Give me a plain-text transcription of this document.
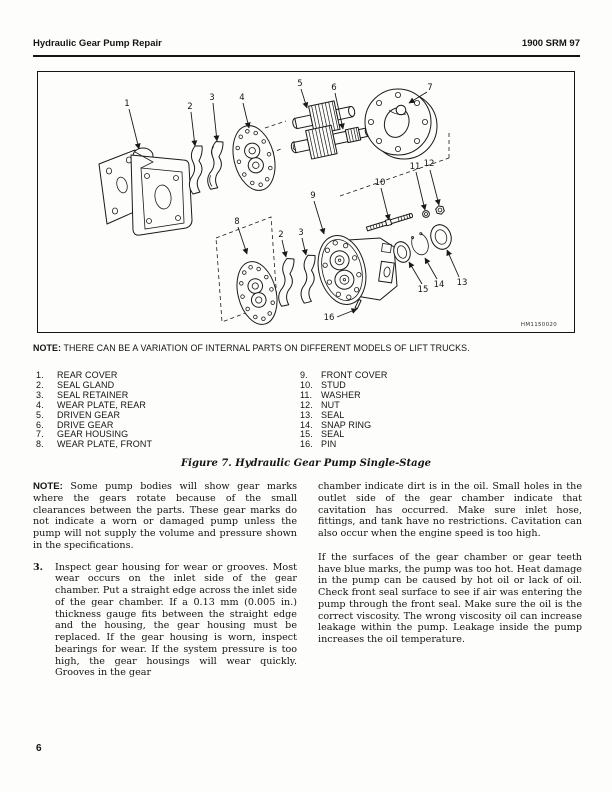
Hydraulic Gear Pump Repair	1900 SRM 97
1	2
3	4
5	6	7
8
9
10
11 12
13
14
15
16
2 3
HM1150020
NOTE: THERE CAN BE A VARIATION OF INTERNAL PARTS ON DIFFERENT MODELS OF LIFT TRUCKS.
1.	REAR COVER
2.	SEAL GLAND
3.	SEAL RETAINER
4.	WEAR PLATE, REAR
5.	DRIVEN GEAR
6.	DRIVE GEAR
7.	GEAR HOUSING
8.	WEAR PLATE, FRONT
9.	FRONT COVER
10. STUD
11. WASHER
12. NUT
13. SEAL
14. SNAP RING
15. SEAL
16. PIN
Figure 7. Hydraulic Gear Pump Single-Stage
NOTE: Some pump bodies will show gear marks where the gears rotate because of the small clearances between the parts. These gear marks do not indicate a worn or damaged pump unless the pump will not supply the volume and pressure shown in the specifications.
3.	Inspect gear housing for wear or grooves. Most wear occurs on the inlet side of the gear chamber. Put a straight edge across the inlet side of the gear chamber. If a 0.13 mm (0.005 in.) thickness gauge fits between the straight edge and the housing, the gear housing must be replaced. If the gear housing is worn, inspect bearings for wear. If the system pressure is too high, the gear housings will wear quickly. Grooves in the gear
chamber indicate dirt is in the oil. Small holes in the outlet side of the gear chamber indicate that cavitation has occurred. Make sure inlet hose, fittings, and tank have no restrictions. Cavitation can also occur when the engine speed is too high.
If the surfaces of the gear chamber or gear teeth have blue marks, the pump was too hot. Heat damage in the pump can be caused by hot oil or lack of oil. Check front seal surface to see if air was entering the pump through the front seal. Make sure the oil is the correct viscosity. The wrong viscosity oil can increase leakage within the pump. Leakage inside the pump increases the oil temperature.
6
